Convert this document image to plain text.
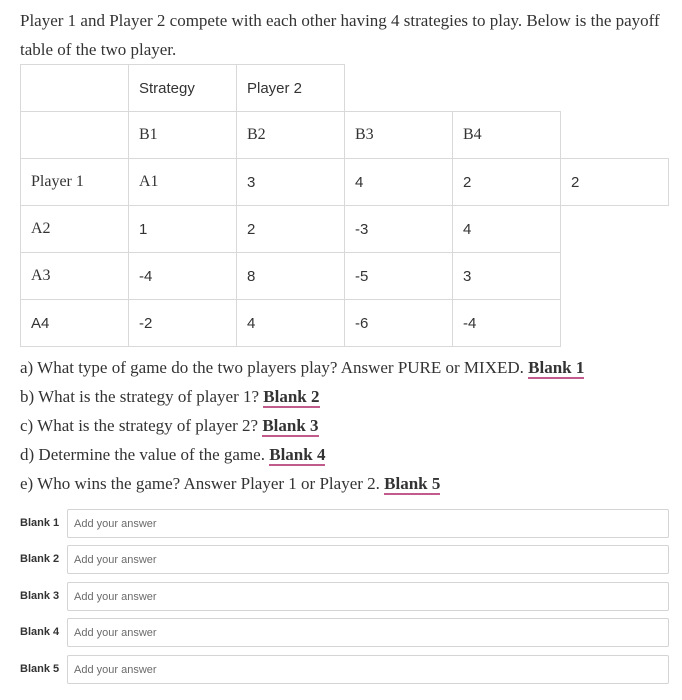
Player 1 and Player 2 compete with each other having 4 strategies to play. Below is the payoff table of the two player.
	Strategy	Player 2			
	B1	B2	B3	B4	
Player 1	A1	3	4	2	2
A2	1	2	-3	4	
A3	-4	8	-5	3	
A4	-2	4	-6	-4	
a) What type of game do the two players play? Answer PURE or MIXED. Blank 1
b) What is the strategy of player 1? Blank 2
c) What is the strategy of player 2? Blank 3
d) Determine the value of the game. Blank 4
e) Who wins the game? Answer Player 1 or Player 2. Blank 5
Blank 1
Add your answer
Blank 2
Add your answer
Blank 3
Add your answer
Blank 4
Add your answer
Blank 5
Add your answer
